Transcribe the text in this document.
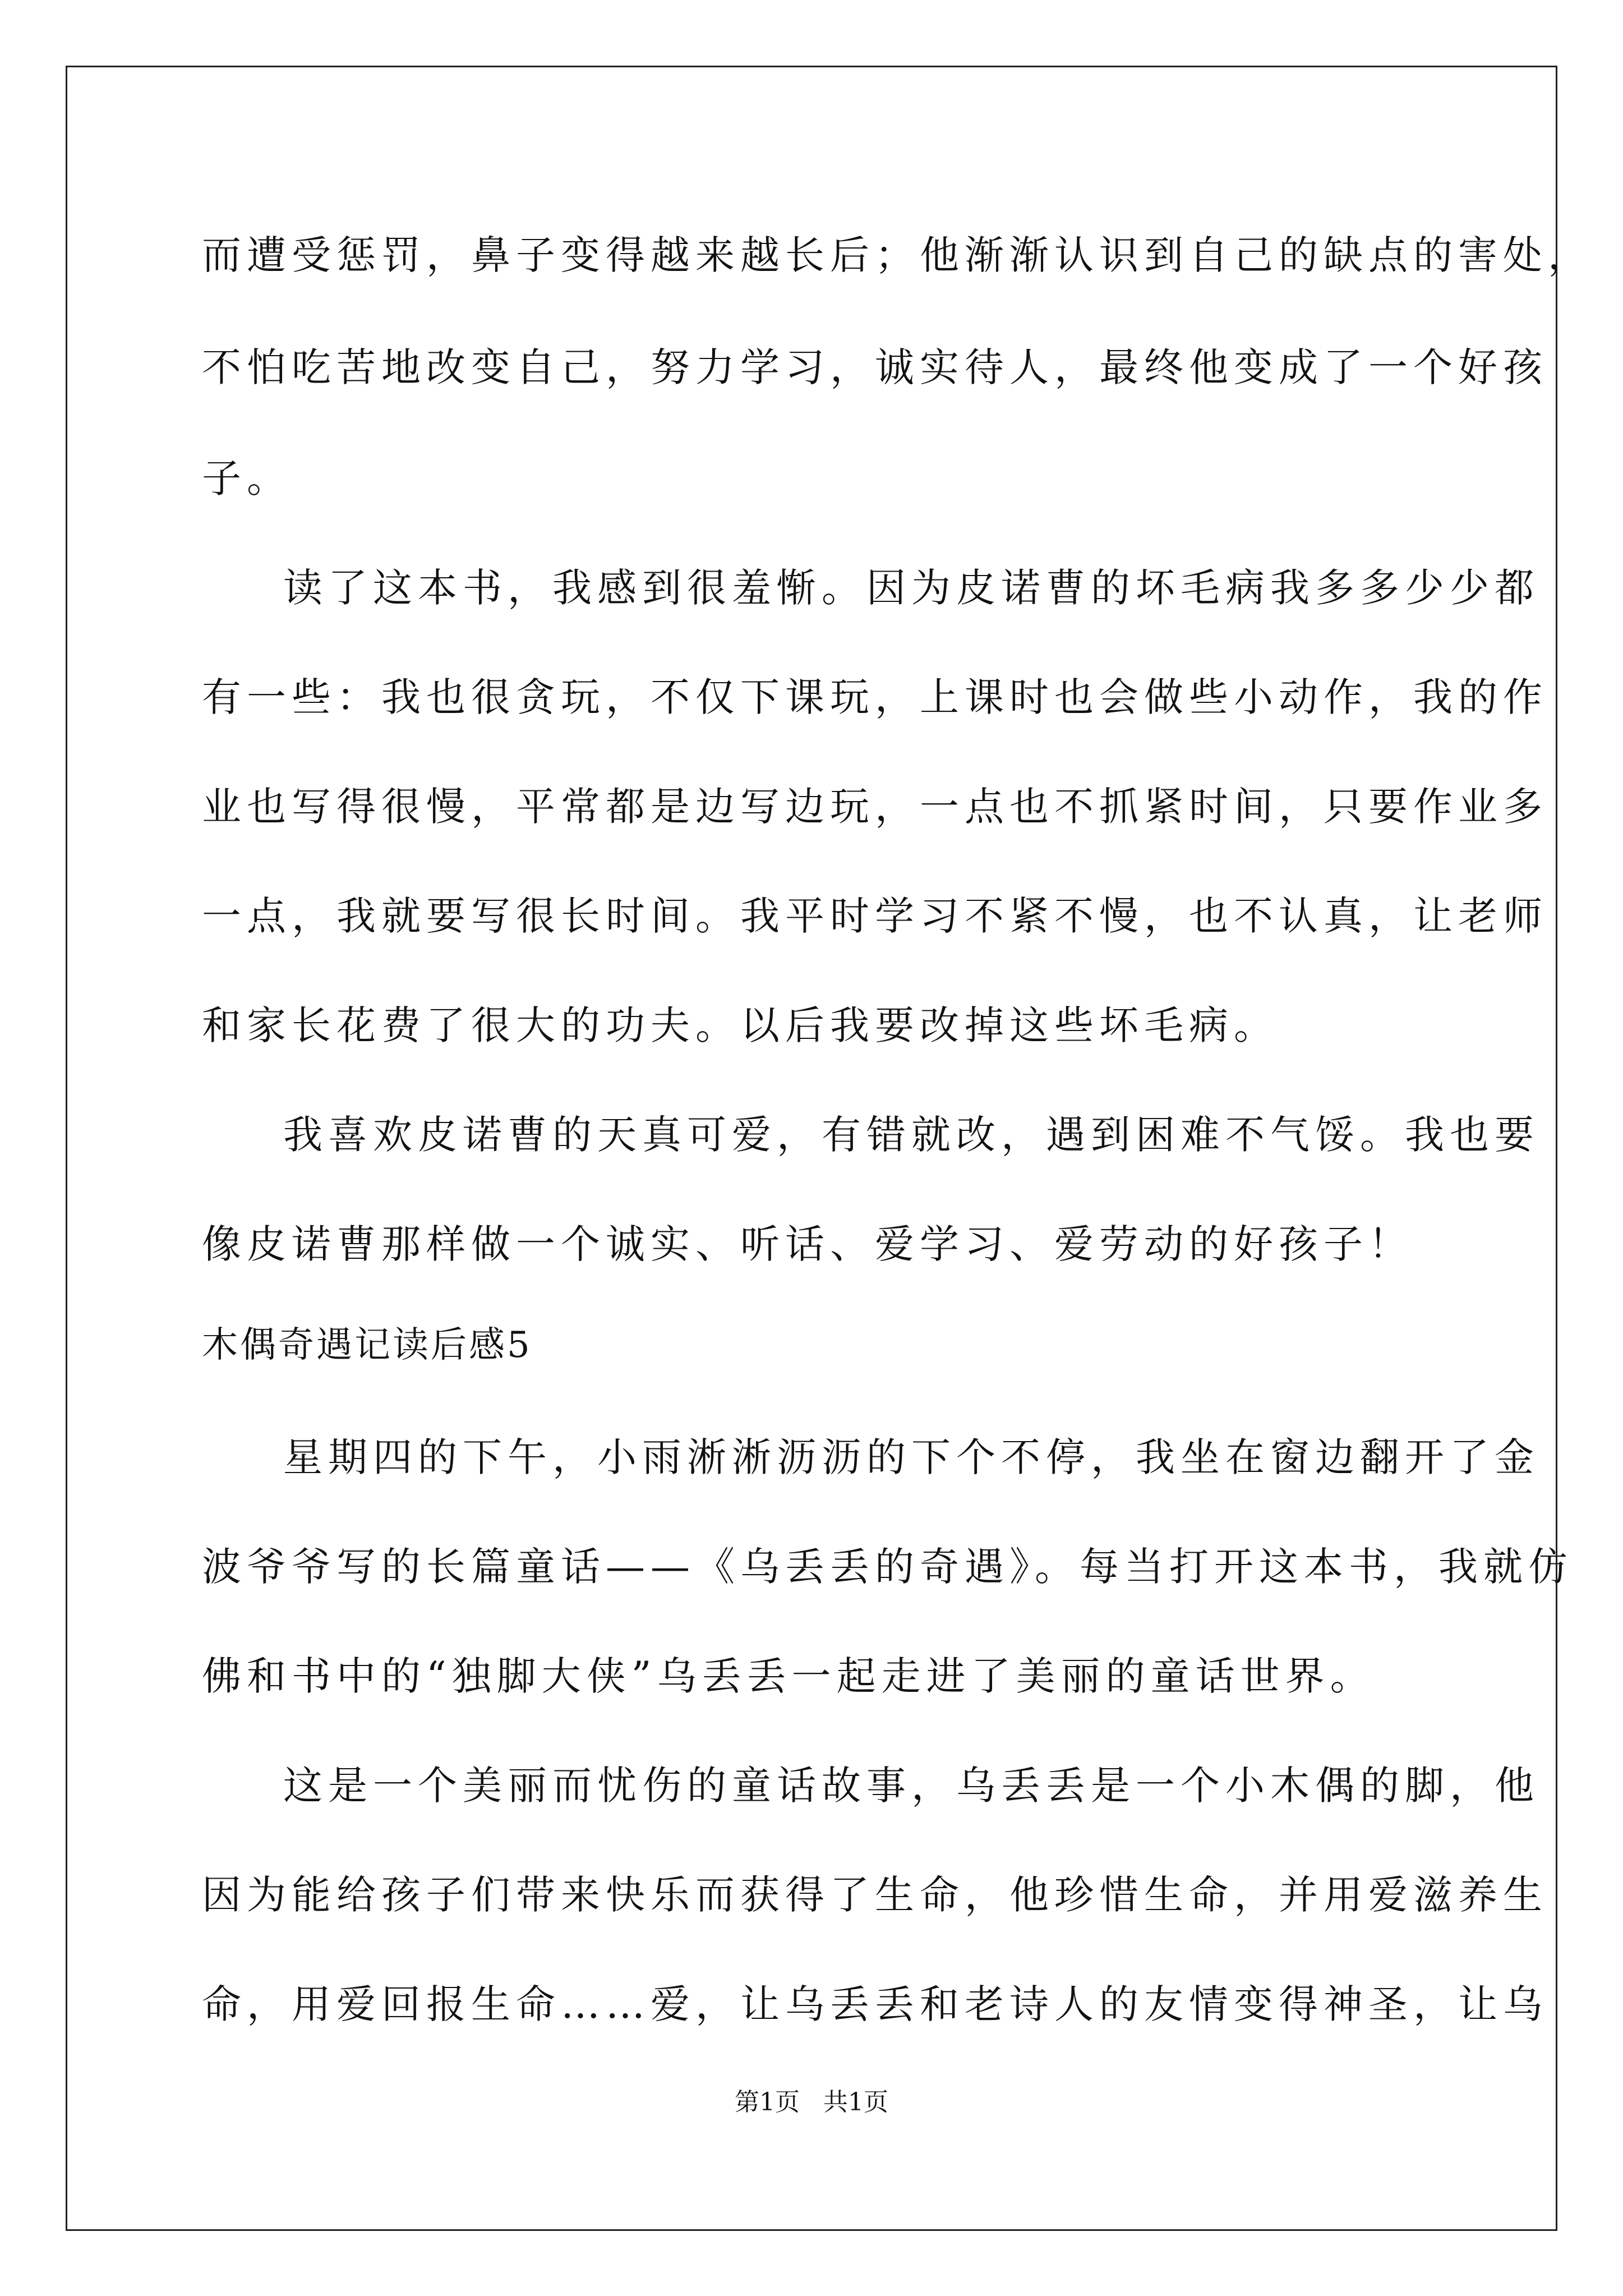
而遭受惩罚，鼻子变得越来越长后；他渐渐认识到自己的缺点的害处，
不怕吃苦地改变自己，努力学习，诚实待人，最终他变成了一个好孩
子。
读了这本书，我感到很羞惭。因为皮诺曹的坏毛病我多多少少都
有一些：我也很贪玩，不仅下课玩，上课时也会做些小动作，我的作
业也写得很慢，平常都是边写边玩，一点也不抓紧时间，只要作业多
一点，我就要写很长时间。我平时学习不紧不慢，也不认真，让老师
和家长花费了很大的功夫。以后我要改掉这些坏毛病。
我喜欢皮诺曹的天真可爱，有错就改，遇到困难不气馁。我也要
像皮诺曹那样做一个诚实、听话、爱学习、爱劳动的好孩子！
木偶奇遇记读后感5
星期四的下午，小雨淅淅沥沥的下个不停，我坐在窗边翻开了金
波爷爷写的长篇童话——《乌丢丢的奇遇》。每当打开这本书，我就仿
佛和书中的“独脚大侠”乌丢丢一起走进了美丽的童话世界。
这是一个美丽而忧伤的童话故事，乌丢丢是一个小木偶的脚，他
因为能给孩子们带来快乐而获得了生命，他珍惜生命，并用爱滋养生
命，用爱回报生命……爱，让乌丢丢和老诗人的友情变得神圣，让乌
第1页   共1页
